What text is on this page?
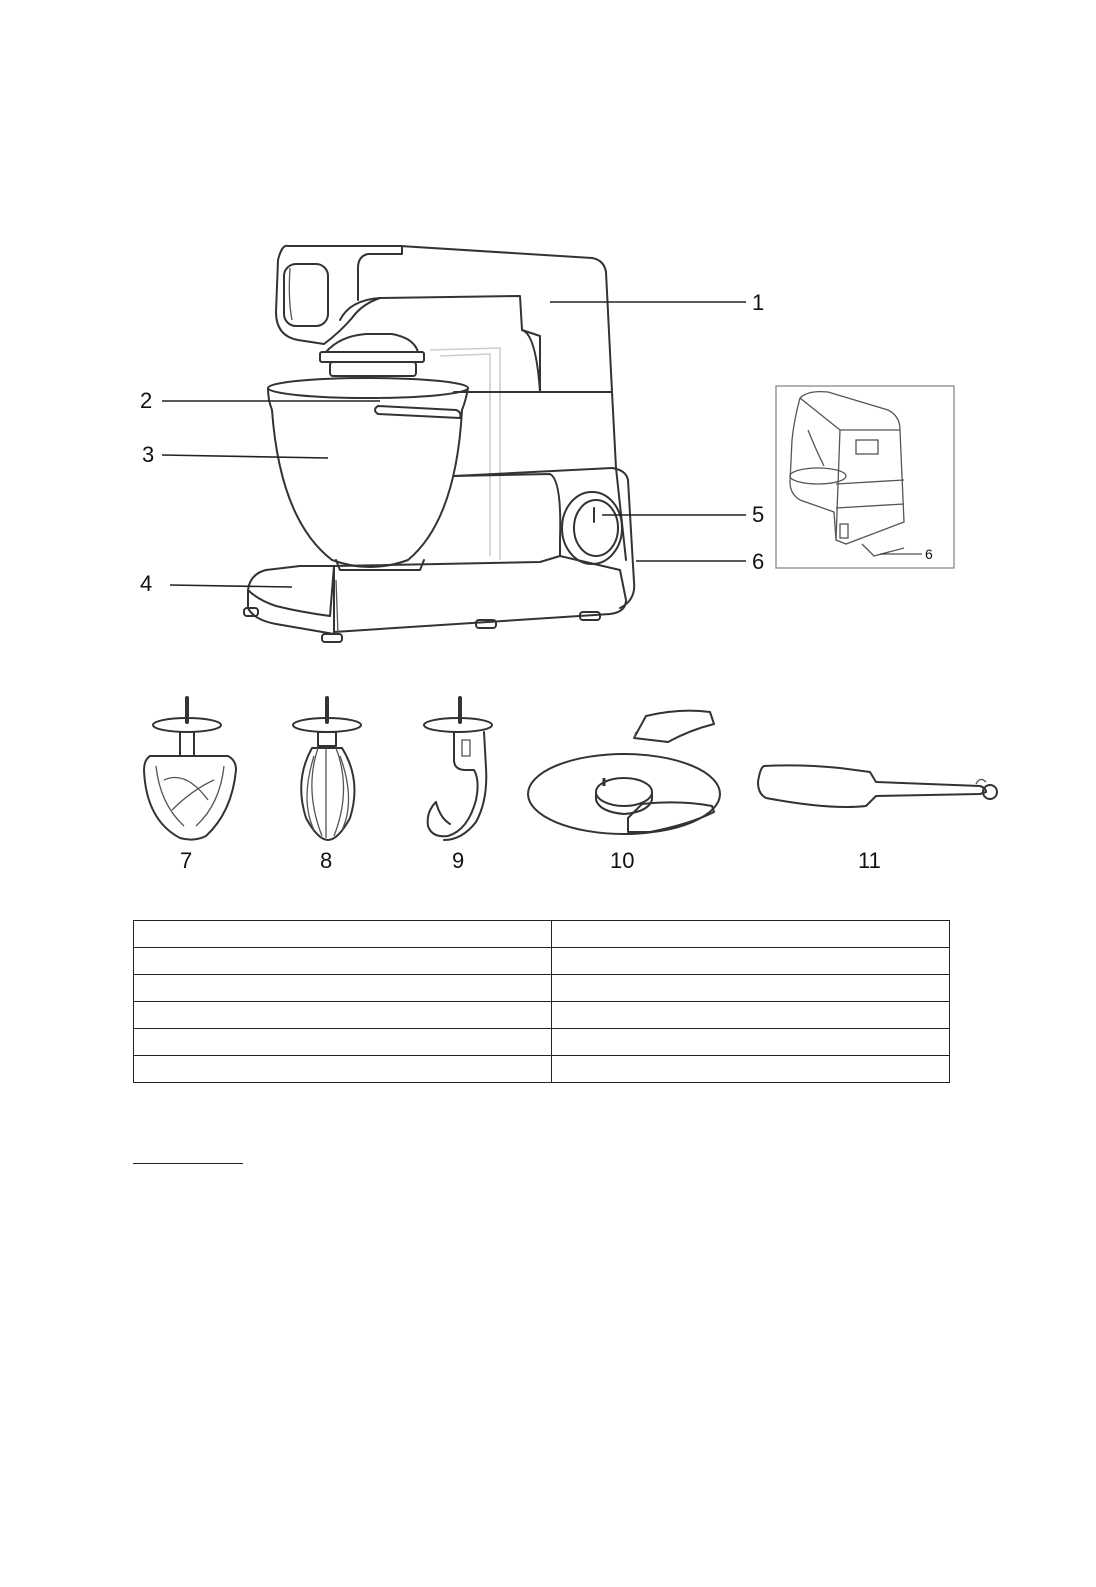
1
2
3
4
5
6	6
7	8	9	10	11
